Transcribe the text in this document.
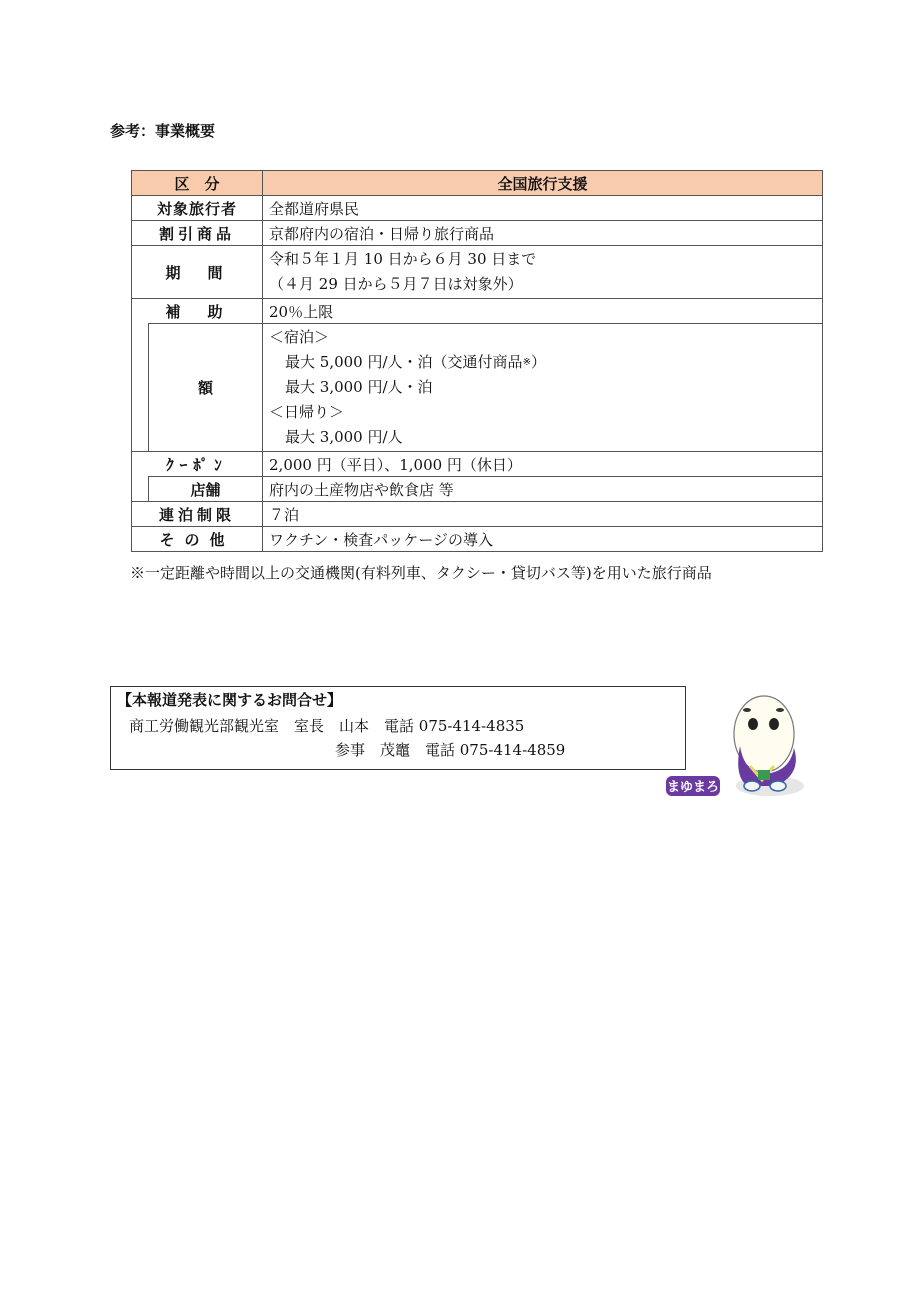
参考：事業概要
区　分		全国旅行支援
対象旅行者		全都道府県民
割引商品		京都府内の宿泊・日帰り旅行商品
期　間		令和５年１月 10 日から６月 30 日まで
（４月 29 日から５月７日は対象外）

補　助		20％上限
	額	＜宿泊＞
最大 5,000 円/人・泊（交通付商品※）
最大 3,000 円/人・泊
＜日帰り＞
最大 3,000 円/人

ｸｰﾎﾟﾝ		2,000 円（平日）、1,000 円（休日）
	店舗	府内の土産物店や飲食店 等
連泊制限		７泊
その他		ワクチン・検査パッケージの導入
※一定距離や時間以上の交通機関(有料列車、タクシー・貸切バス等)を用いた旅行商品
【本報道発表に関するお問合せ】
商工労働観光部観光室　室長　山本　電話 075-414-4835
参事　茂竈　電話 075-414-4859
まゆまろ
